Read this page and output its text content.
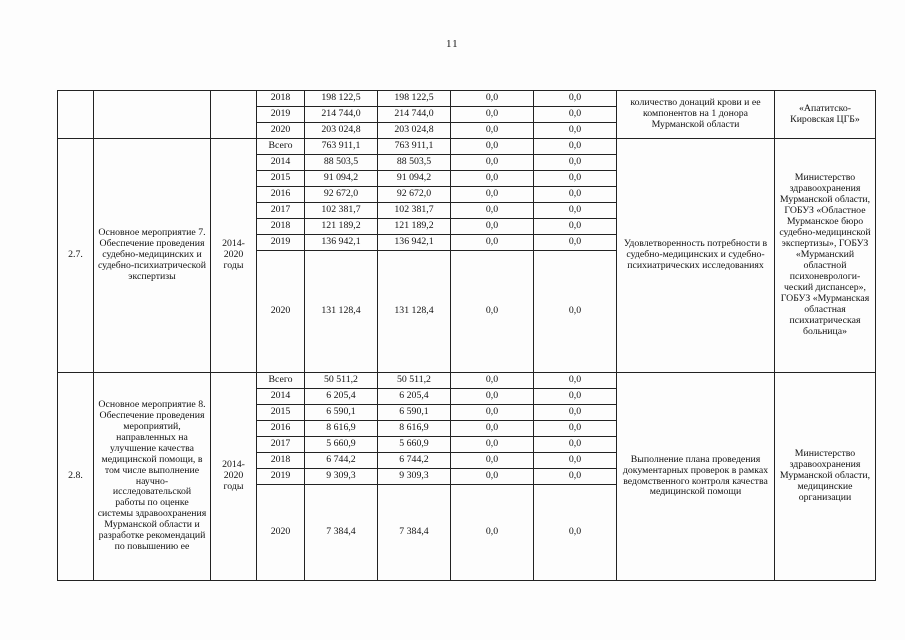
11
			2018	198 122,5	198 122,5	0,0	0,0	количество донаций крови и ее компонентов на 1 донора Мурманской области	«Апатитско-Кировская ЦГБ»
			2019	214 744,0	214 744,0	0,0	0,0		
			2020	203 024,8	203 024,8	0,0	0,0		
2.7.	Основное мероприятие 7. Обеспечение проведения судебно-медицинских и судебно-психиатрической экспертизы	2014-2020 годы	Всего	763 911,1	763 911,1	0,0	0,0	Удовлетворенность потребности в судебно-медицинских и судебно-психиатрических исследованиях	Министерство здравоохранения Мурманской области, ГОБУЗ «Областное Мурманское бюро судебно-медицинской экспертизы», ГОБУЗ «Мурманский областной психоневрологи-ческий диспансер», ГОБУЗ «Мурманская областная психиатрическая больница»
			2014	88 503,5	88 503,5	0,0	0,0		
			2015	91 094,2	91 094,2	0,0	0,0		
			2016	92 672,0	92 672,0	0,0	0,0		
			2017	102 381,7	102 381,7	0,0	0,0		
			2018	121 189,2	121 189,2	0,0	0,0		
			2019	136 942,1	136 942,1	0,0	0,0		
			2020	131 128,4	131 128,4	0,0	0,0		
2.8.	Основное мероприятие 8. Обеспечение проведения мероприятий, направленных на улучшение качества медицинской помощи, в том числе выполнение научно-исследовательской работы по оценке системы здравоохранения Мурманской области и разработке рекомендаций по повышению ее	2014-2020 годы	Всего	50 511,2	50 511,2	0,0	0,0	Выполнение плана проведения документарных проверок в рамках ведомственного контроля качества медицинской помощи	Министерство здравоохранения Мурманской области, медицинские организации
			2014	6 205,4	6 205,4	0,0	0,0		
			2015	6 590,1	6 590,1	0,0	0,0		
			2016	8 616,9	8 616,9	0,0	0,0		
			2017	5 660,9	5 660,9	0,0	0,0		
			2018	6 744,2	6 744,2	0,0	0,0		
			2019	9 309,3	9 309,3	0,0	0,0		
			2020	7 384,4	7 384,4	0,0	0,0		
